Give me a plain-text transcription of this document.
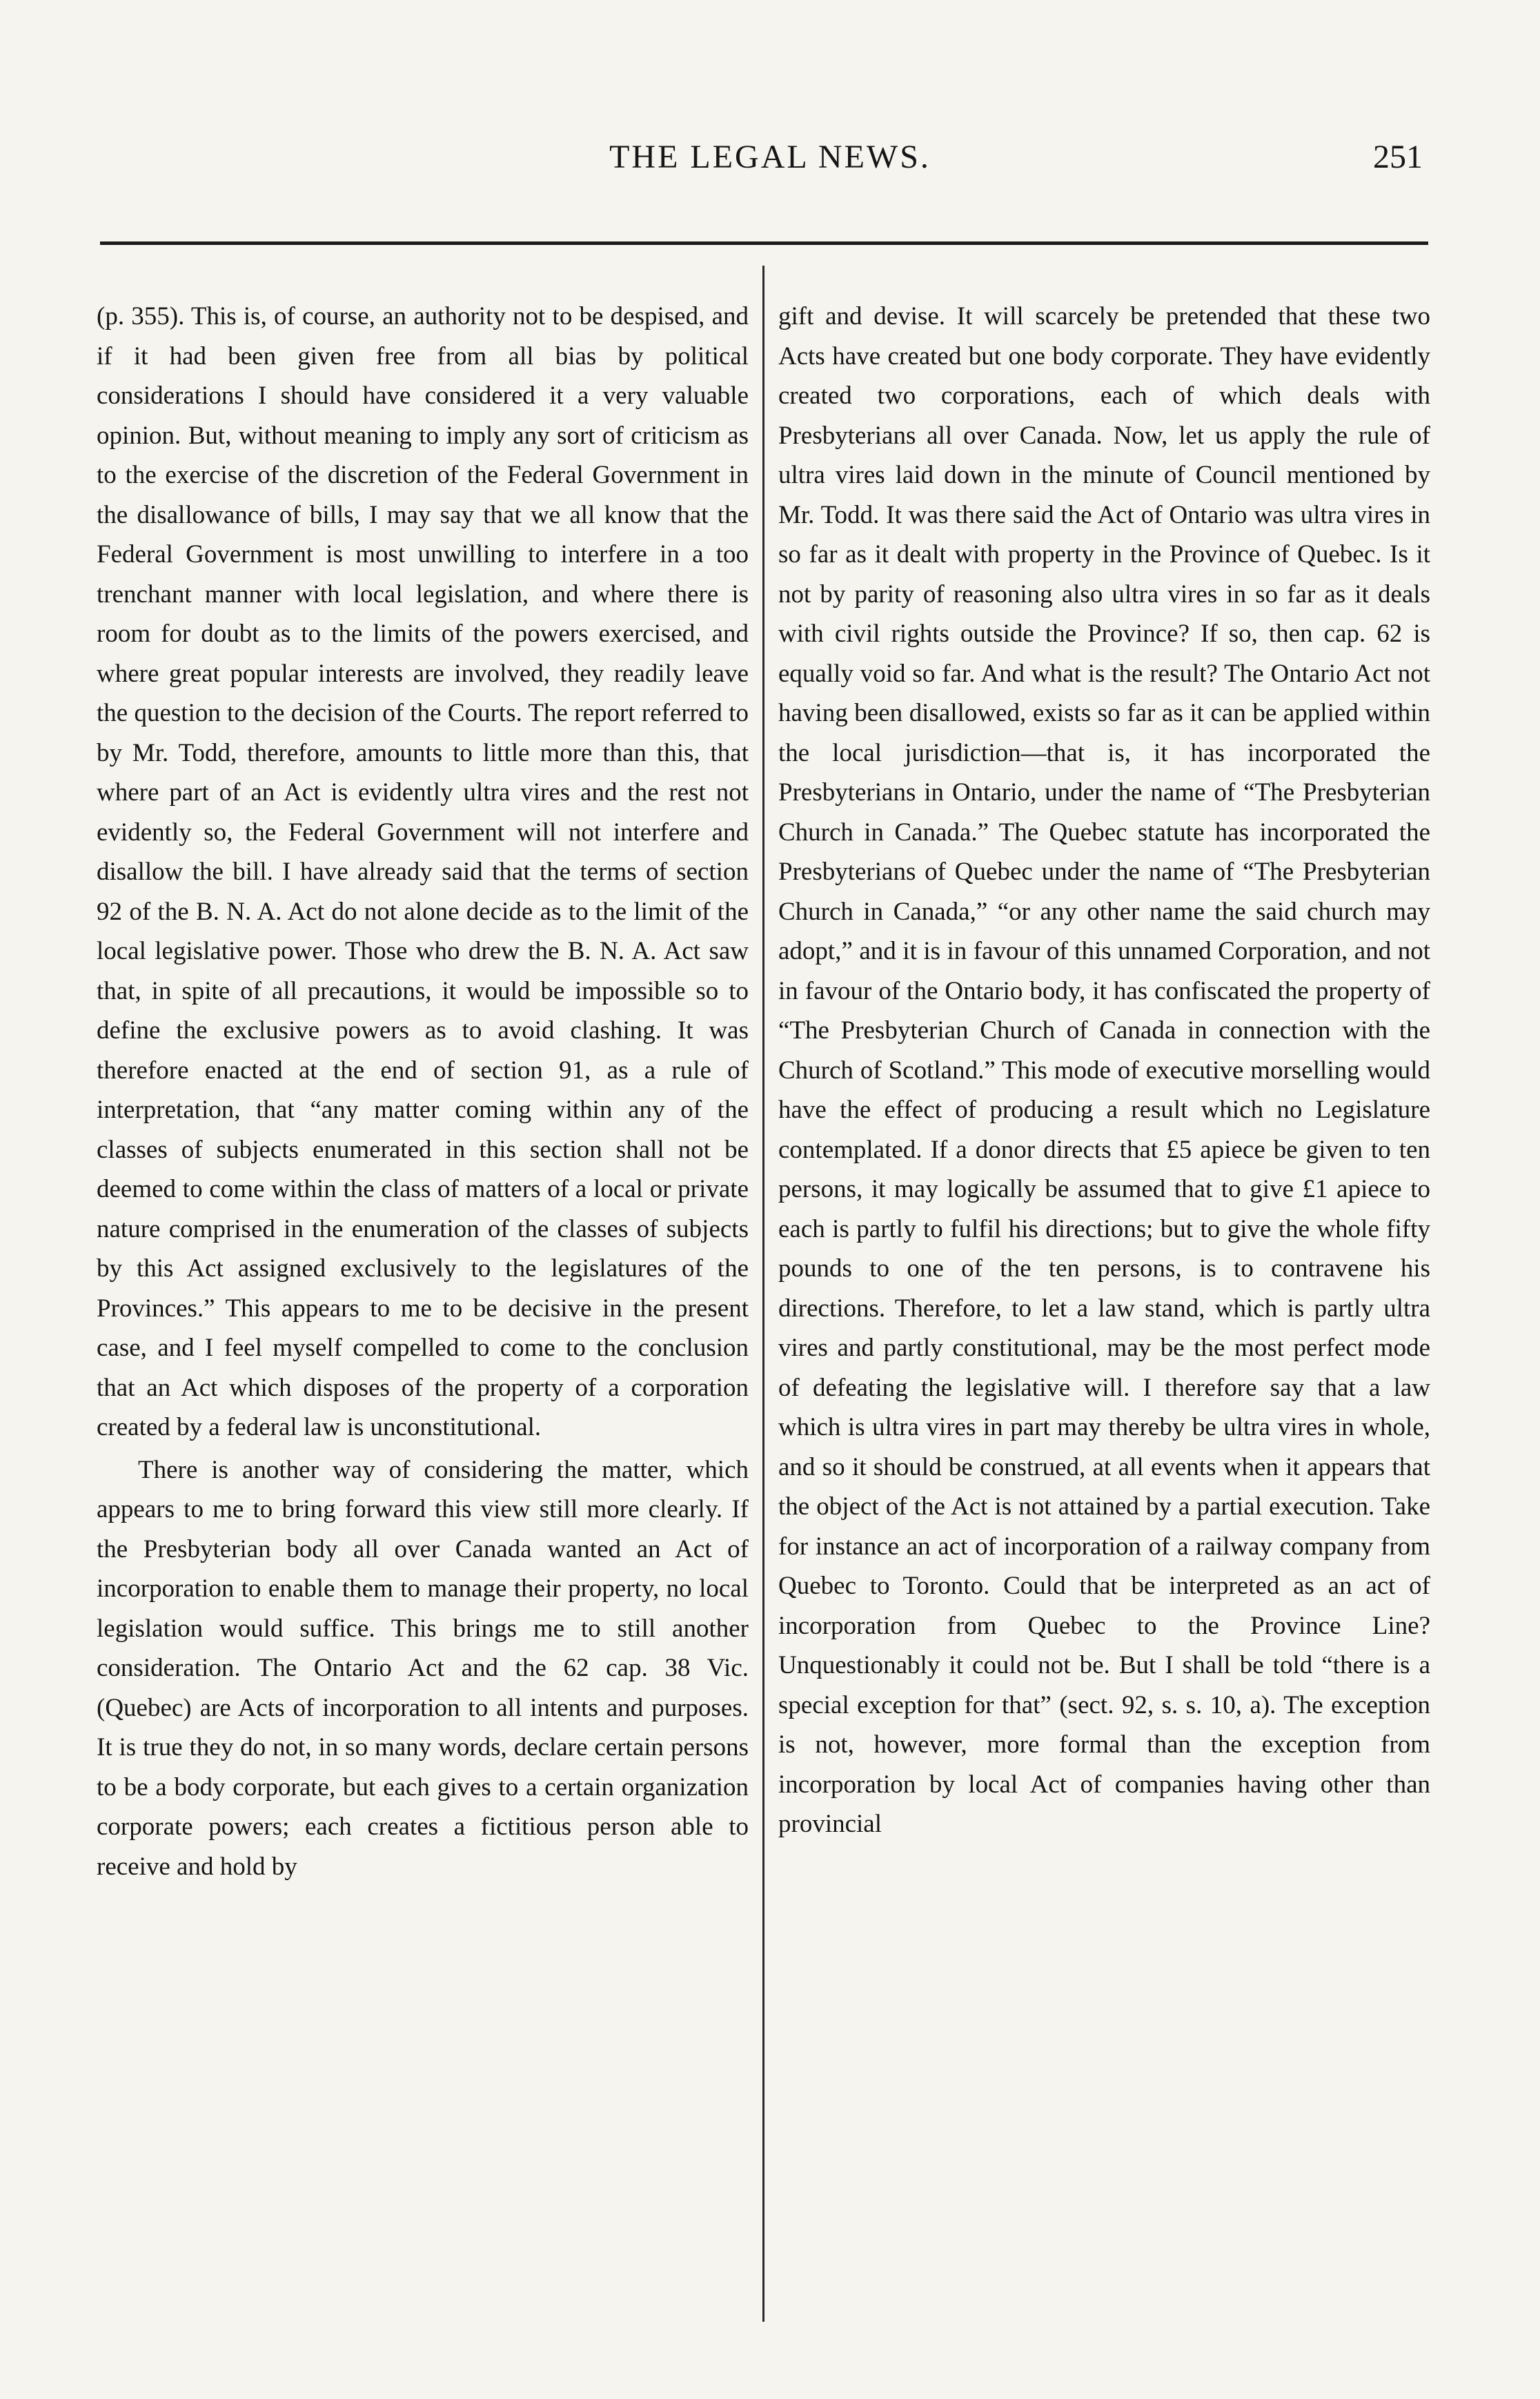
THE LEGAL NEWS.	251

(p. 355). This is, of course, an authority not to be despised, and if it had been given free from all bias by political considerations I should have considered it a very valuable opinion. But, without meaning to imply any sort of criticism as to the exercise of the discretion of the Federal Government in the disallowance of bills, I may say that we all know that the Federal Government is most unwilling to interfere in a too trenchant manner with local legislation, and where there is room for doubt as to the limits of the powers exercised, and where great popular interests are involved, they readily leave the question to the decision of the Courts. The report referred to by Mr. Todd, therefore, amounts to little more than this, that where part of an Act is evidently ultra vires and the rest not evidently so, the Federal Government will not interfere and disallow the bill. I have already said that the terms of section 92 of the B. N. A. Act do not alone decide as to the limit of the local legislative power. Those who drew the B. N. A. Act saw that, in spite of all precautions, it would be impossible so to define the exclusive powers as to avoid clashing. It was therefore enacted at the end of section 91, as a rule of interpretation, that “any matter coming within any of the classes of subjects enumerated in this section shall not be deemed to come within the class of matters of a local or private nature comprised in the enumeration of the classes of subjects by this Act assigned exclusively to the legislatures of the Provinces.” This appears to me to be decisive in the present case, and I feel myself compelled to come to the conclusion that an Act which disposes of the property of a corporation created by a federal law is unconstitutional.

There is another way of considering the matter, which appears to me to bring forward this view still more clearly. If the Presbyterian body all over Canada wanted an Act of incorporation to enable them to manage their property, no local legislation would suffice. This brings me to still another consideration. The Ontario Act and the 62 cap. 38 Vic. (Quebec) are Acts of incorporation to all intents and purposes. It is true they do not, in so many words, declare certain persons to be a body corporate, but each gives to a certain organization corporate powers; each creates a fictitious person able to receive and hold by

gift and devise. It will scarcely be pretended that these two Acts have created but one body corporate. They have evidently created two corporations, each of which deals with Presbyterians all over Canada. Now, let us apply the rule of ultra vires laid down in the minute of Council mentioned by Mr. Todd. It was there said the Act of Ontario was ultra vires in so far as it dealt with property in the Province of Quebec. Is it not by parity of reasoning also ultra vires in so far as it deals with civil rights outside the Province? If so, then cap. 62 is equally void so far. And what is the result? The Ontario Act not having been disallowed, exists so far as it can be applied within the local jurisdiction—that is, it has incorporated the Presbyterians in Ontario, under the name of “The Presbyterian Church in Canada.” The Quebec statute has incorporated the Presbyterians of Quebec under the name of “The Presbyterian Church in Canada,” “or any other name the said church may adopt,” and it is in favour of this unnamed Corporation, and not in favour of the Ontario body, it has confiscated the property of “The Presbyterian Church of Canada in connection with the Church of Scotland.” This mode of executive morselling would have the effect of producing a result which no Legislature contemplated. If a donor directs that £5 apiece be given to ten persons, it may logically be assumed that to give £1 apiece to each is partly to fulfil his directions; but to give the whole fifty pounds to one of the ten persons, is to contravene his directions. Therefore, to let a law stand, which is partly ultra vires and partly constitutional, may be the most perfect mode of defeating the legislative will. I therefore say that a law which is ultra vires in part may thereby be ultra vires in whole, and so it should be construed, at all events when it appears that the object of the Act is not attained by a partial execution. Take for instance an act of incorporation of a railway company from Quebec to Toronto. Could that be interpreted as an act of incorporation from Quebec to the Province Line? Unquestionably it could not be. But I shall be told “there is a special exception for that” (sect. 92, s. s. 10, a). The exception is not, however, more formal than the exception from incorporation by local Act of companies having other than provincial
